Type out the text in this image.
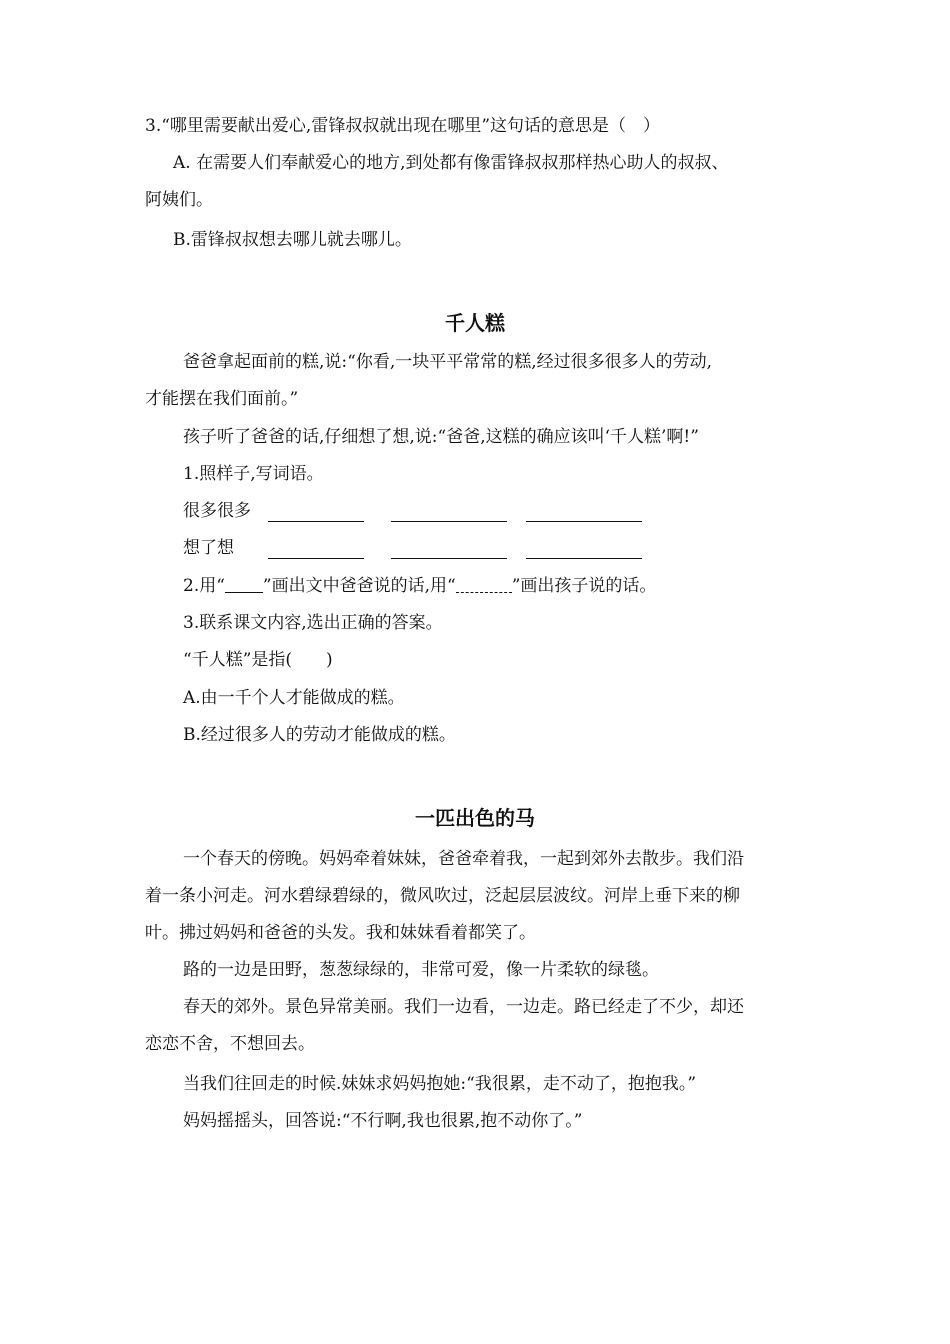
3.“哪里需要献出爱心,雷锋叔叔就出现在哪里”这句话的意思是（　）
A. 在需要人们奉献爱心的地方,到处都有像雷锋叔叔那样热心助人的叔叔、
阿姨们。
B.雷锋叔叔想去哪儿就去哪儿。
千人糕
爸爸拿起面前的糕,说:“你看,一块平平常常的糕,经过很多很多人的劳动,
才能摆在我们面前。”
孩子听了爸爸的话,仔细想了想,说:“爸爸,这糕的确应该叫‘千人糕’啊!”
1.照样子,写词语。
很多很多
想了想
2.用“ ”画出文中爸爸说的话,用“	”画出孩子说的话。
3.联系课文内容,选出正确的答案。
“千人糕”是指(　　)
A.由一千个人才能做成的糕。
B.经过很多人的劳动才能做成的糕。
一匹出色的马
一个春天的傍晚。妈妈牵着妹妹，爸爸牵着我，一起到郊外去散步。我们沿
着一条小河走。河水碧绿碧绿的，微风吹过，泛起层层波纹。河岸上垂下来的柳
叶。拂过妈妈和爸爸的头发。我和妹妹看着都笑了。
路的一边是田野，葱葱绿绿的，非常可爱，像一片柔软的绿毯。
春天的郊外。景色异常美丽。我们一边看，一边走。路已经走了不少，却还
恋恋不舍，不想回去。
当我们往回走的时候.妹妹求妈妈抱她:“我很累，走不动了，抱抱我。”
妈妈摇摇头，回答说:“不行啊,我也很累,抱不动你了。”
